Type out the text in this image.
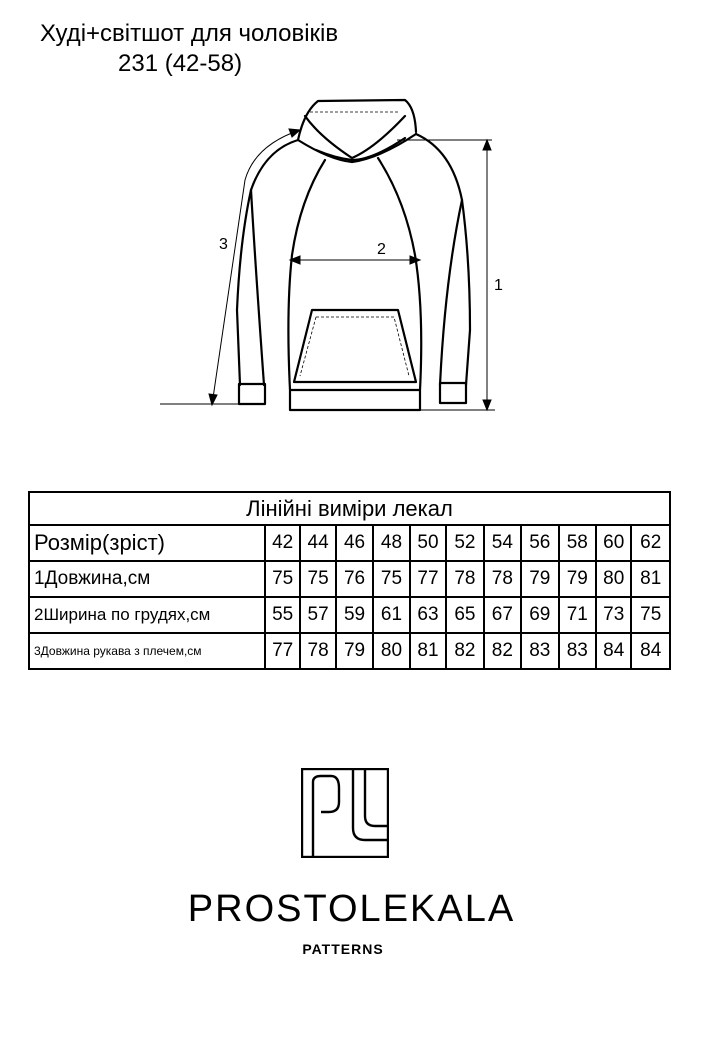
Худі+світшот для чоловіків
231 (42-58)
1
2
3
Лінійні виміри лекал											
Розмір(зріст)	42	44	46	48	50	52	54	56	58	60	62
1Довжина,см	75	75	76	75	77	78	78	79	79	80	81
2Ширина по грудях,см	55	57	59	61	63	65	67	69	71	73	75
3Довжина рукава з плечем,см	77	78	79	80	81	82	82	83	83	84	84
PROSTOLEKALA
PATTERNS
